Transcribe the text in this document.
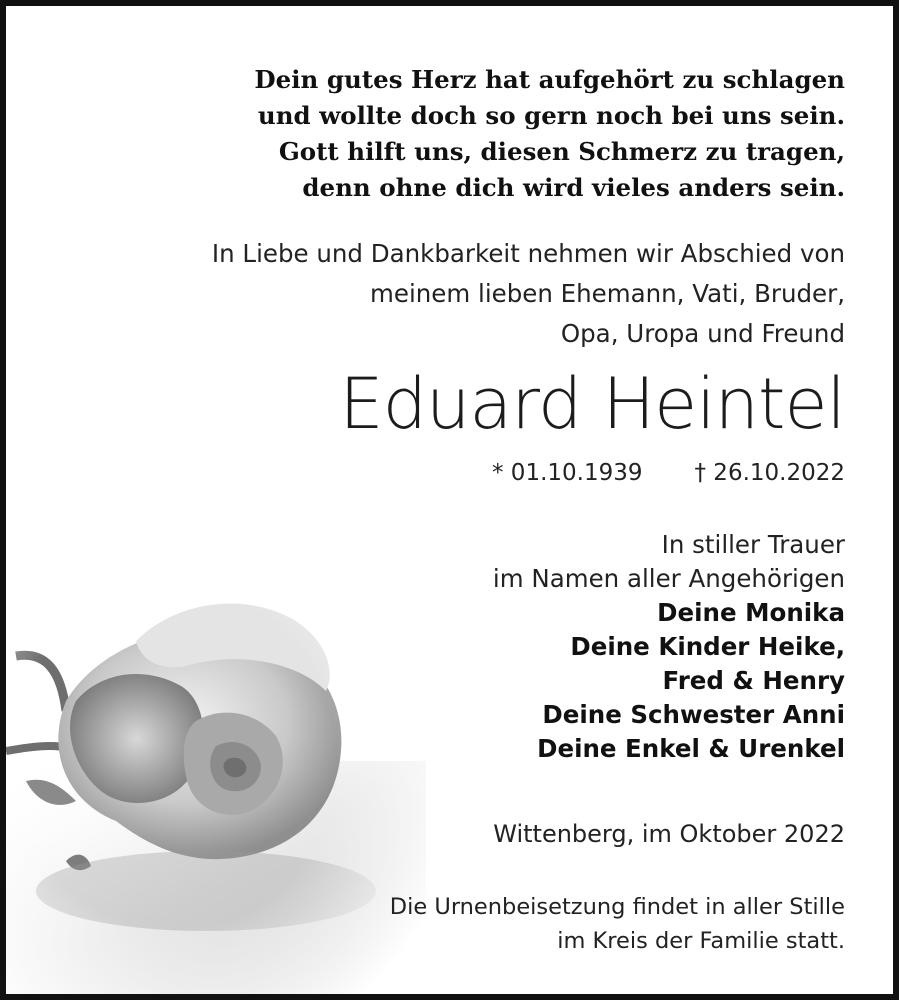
Dein gutes Herz hat aufgehört zu schlagen
und wollte doch so gern noch bei uns sein.
Gott hilft uns, diesen Schmerz zu tragen,
denn ohne dich wird vieles anders sein.
In Liebe und Dankbarkeit nehmen wir Abschied von
meinem lieben Ehemann, Vati, Bruder,
Opa, Uropa und Freund
Eduard Heintel
* 01.10.1939 † 26.10.2022
In stiller Trauer
im Namen aller Angehörigen
Deine Monika
Deine Kinder Heike,
Fred & Henry
Deine Schwester Anni
Deine Enkel & Urenkel
Wittenberg, im Oktober 2022
Die Urnenbeisetzung findet in aller Stille
im Kreis der Familie statt.
